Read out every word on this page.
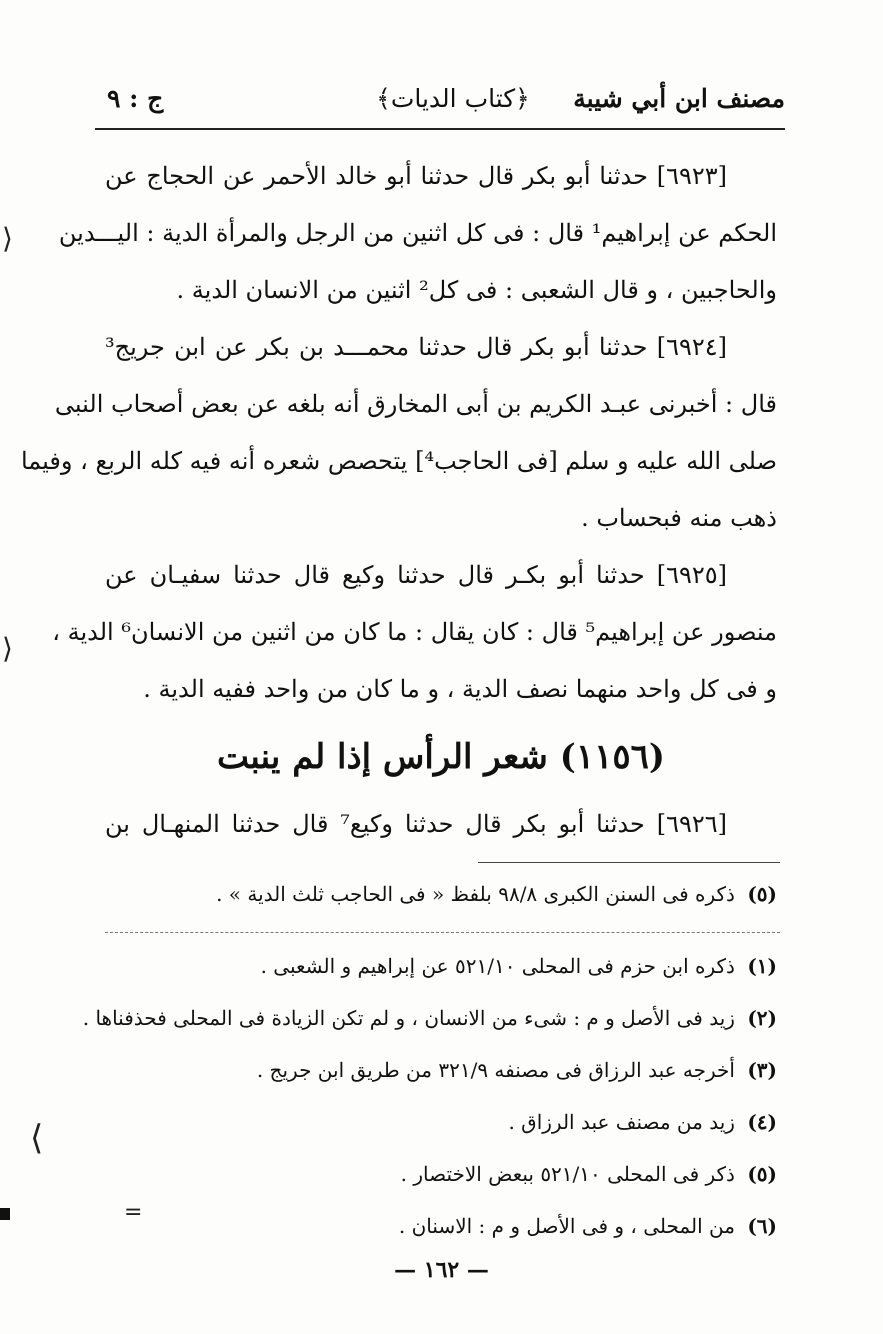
مصنف ابن أبي شيبة
﴿كتاب الديات﴾
ج : ٩
⟩
⟩
⟨
=
[٦٩٢٣] حدثنا أبو بكر قال حدثنا أبو خالد الأحمر عن الحجاج عن
الحكم عن إبراهيم¹ قال : فى كل اثنين من الرجل والمرأة الدية : اليـــدين
والحاجبين ، و قال الشعبى : فى كل² اثنين من الانسان الدية .
[٦٩٢٤] حدثنا أبو بكر قال حدثنا محمـــد بن بكر عن ابن جريج³
قال : أخبرنى عبـد الكريم بن أبى المخارق أنه بلغه عن بعض أصحاب النبى
صلى الله عليه و سلم [فى الحاجب⁴] يتحصص شعره أنه فيه كله الربع ، وفيما
ذهب منه فبحساب .
[٦٩٢٥] حدثنا أبو بكـر قال حدثنا وكيع قال حدثنا سفيـان عن
منصور عن إبراهيم⁵ قال : كان يقال : ما كان من اثنين من الانسان⁶ الدية ،
و فى كل واحد منهما نصف الدية ، و ما كان من واحد ففيه الدية .
(١١٥٦) شعر الرأس إذا لم ينبت
[٦٩٢٦] حدثنا أبو بكر قال حدثنا وكيع⁷ قال حدثنا المنهـال بن
(٥) ذكره فى السنن الكبرى ٩٨/٨ بلفظ « فى الحاجب ثلث الدية » .
(١) ذكره ابن حزم فى المحلى ٥٢١/١٠ عن إبراهيم و الشعبى .
(٢) زيد فى الأصل و م : شىء من الانسان ، و لم تكن الزيادة فى المحلى فحذفناها .
(٣) أخرجه عبد الرزاق فى مصنفه ٣٢١/٩ من طريق ابن جريج .
(٤) زيد من مصنف عبد الرزاق .
(٥) ذكر فى المحلى ٥٢١/١٠ ببعض الاختصار .
(٦) من المحلى ، و فى الأصل و م : الاسنان .
— ١٦٢ —
